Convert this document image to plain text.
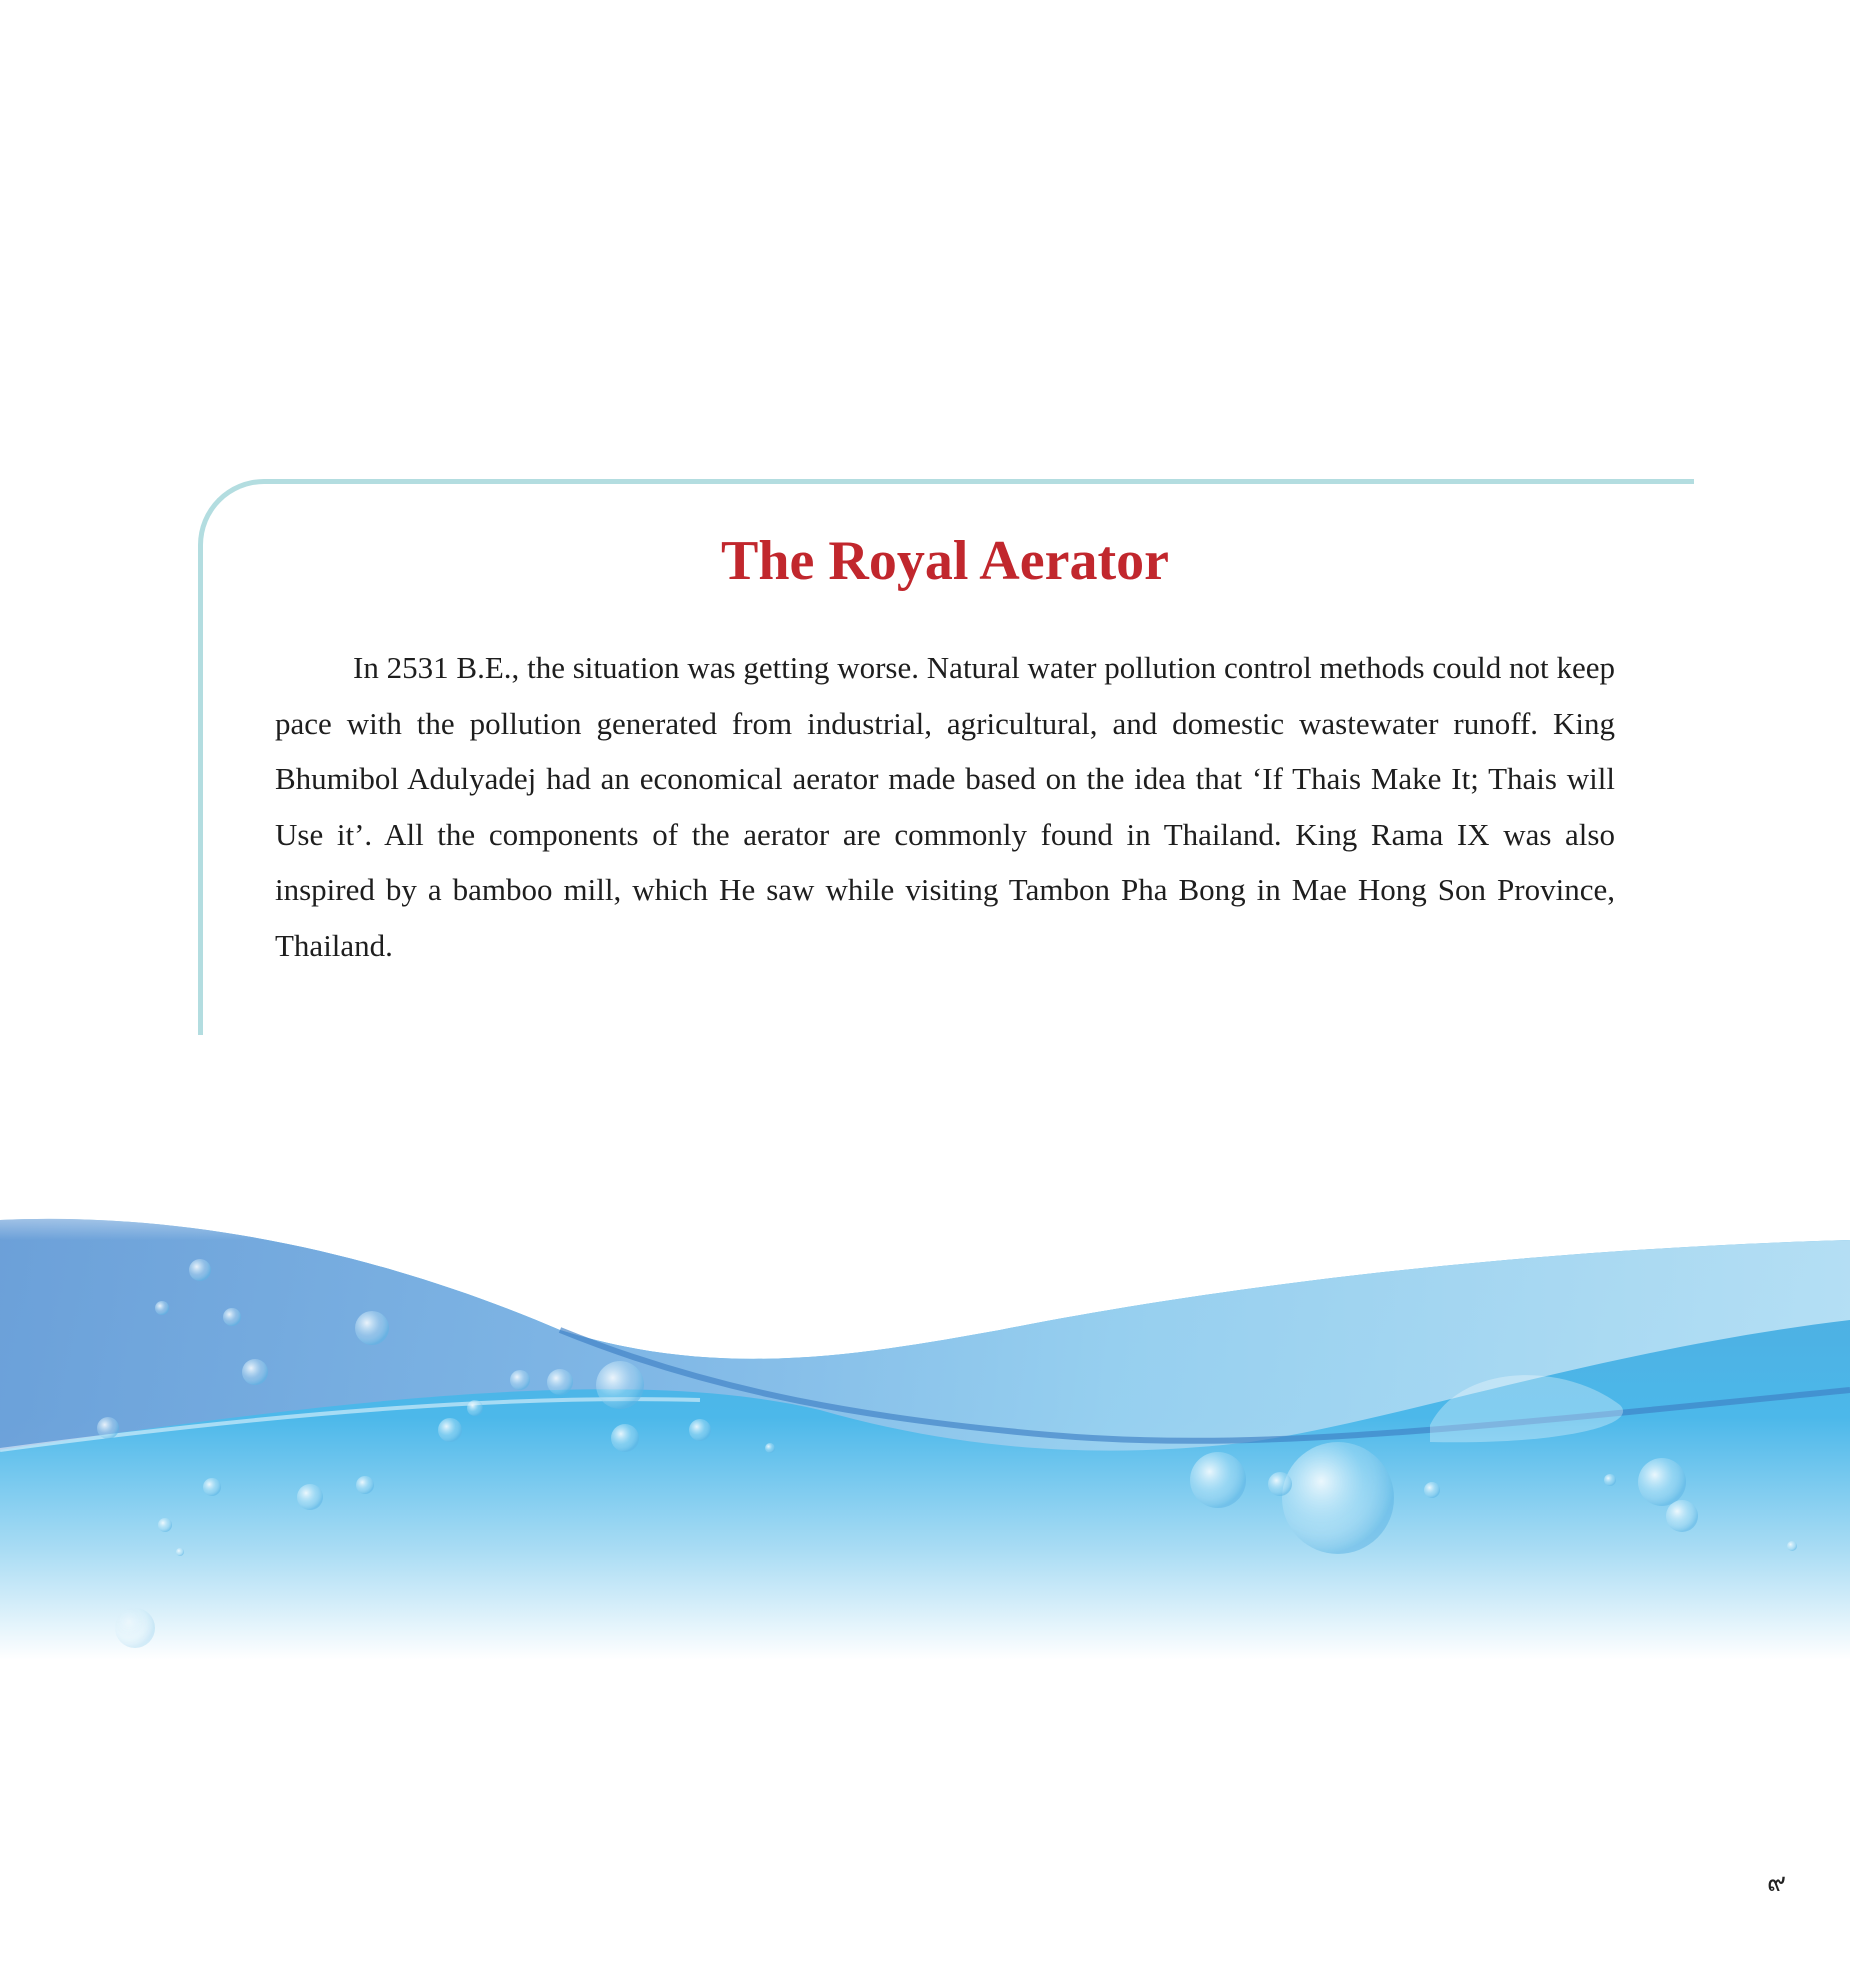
The Royal Aerator

In 2531 B.E., the situation was getting worse. Natural water pollution control methods could not keep pace with the pollution generated from industrial, agricultural, and domestic wastewater runoff. King Bhumibol Adulyadej had an economical aerator made based on the idea that ‘If Thais Make It; Thais will Use it’. All the components of the aerator are commonly found in Thailand. King Rama IX was also inspired by a bamboo mill, which He saw while visiting Tambon Pha Bong in Mae Hong Son Province, Thailand.

๙
